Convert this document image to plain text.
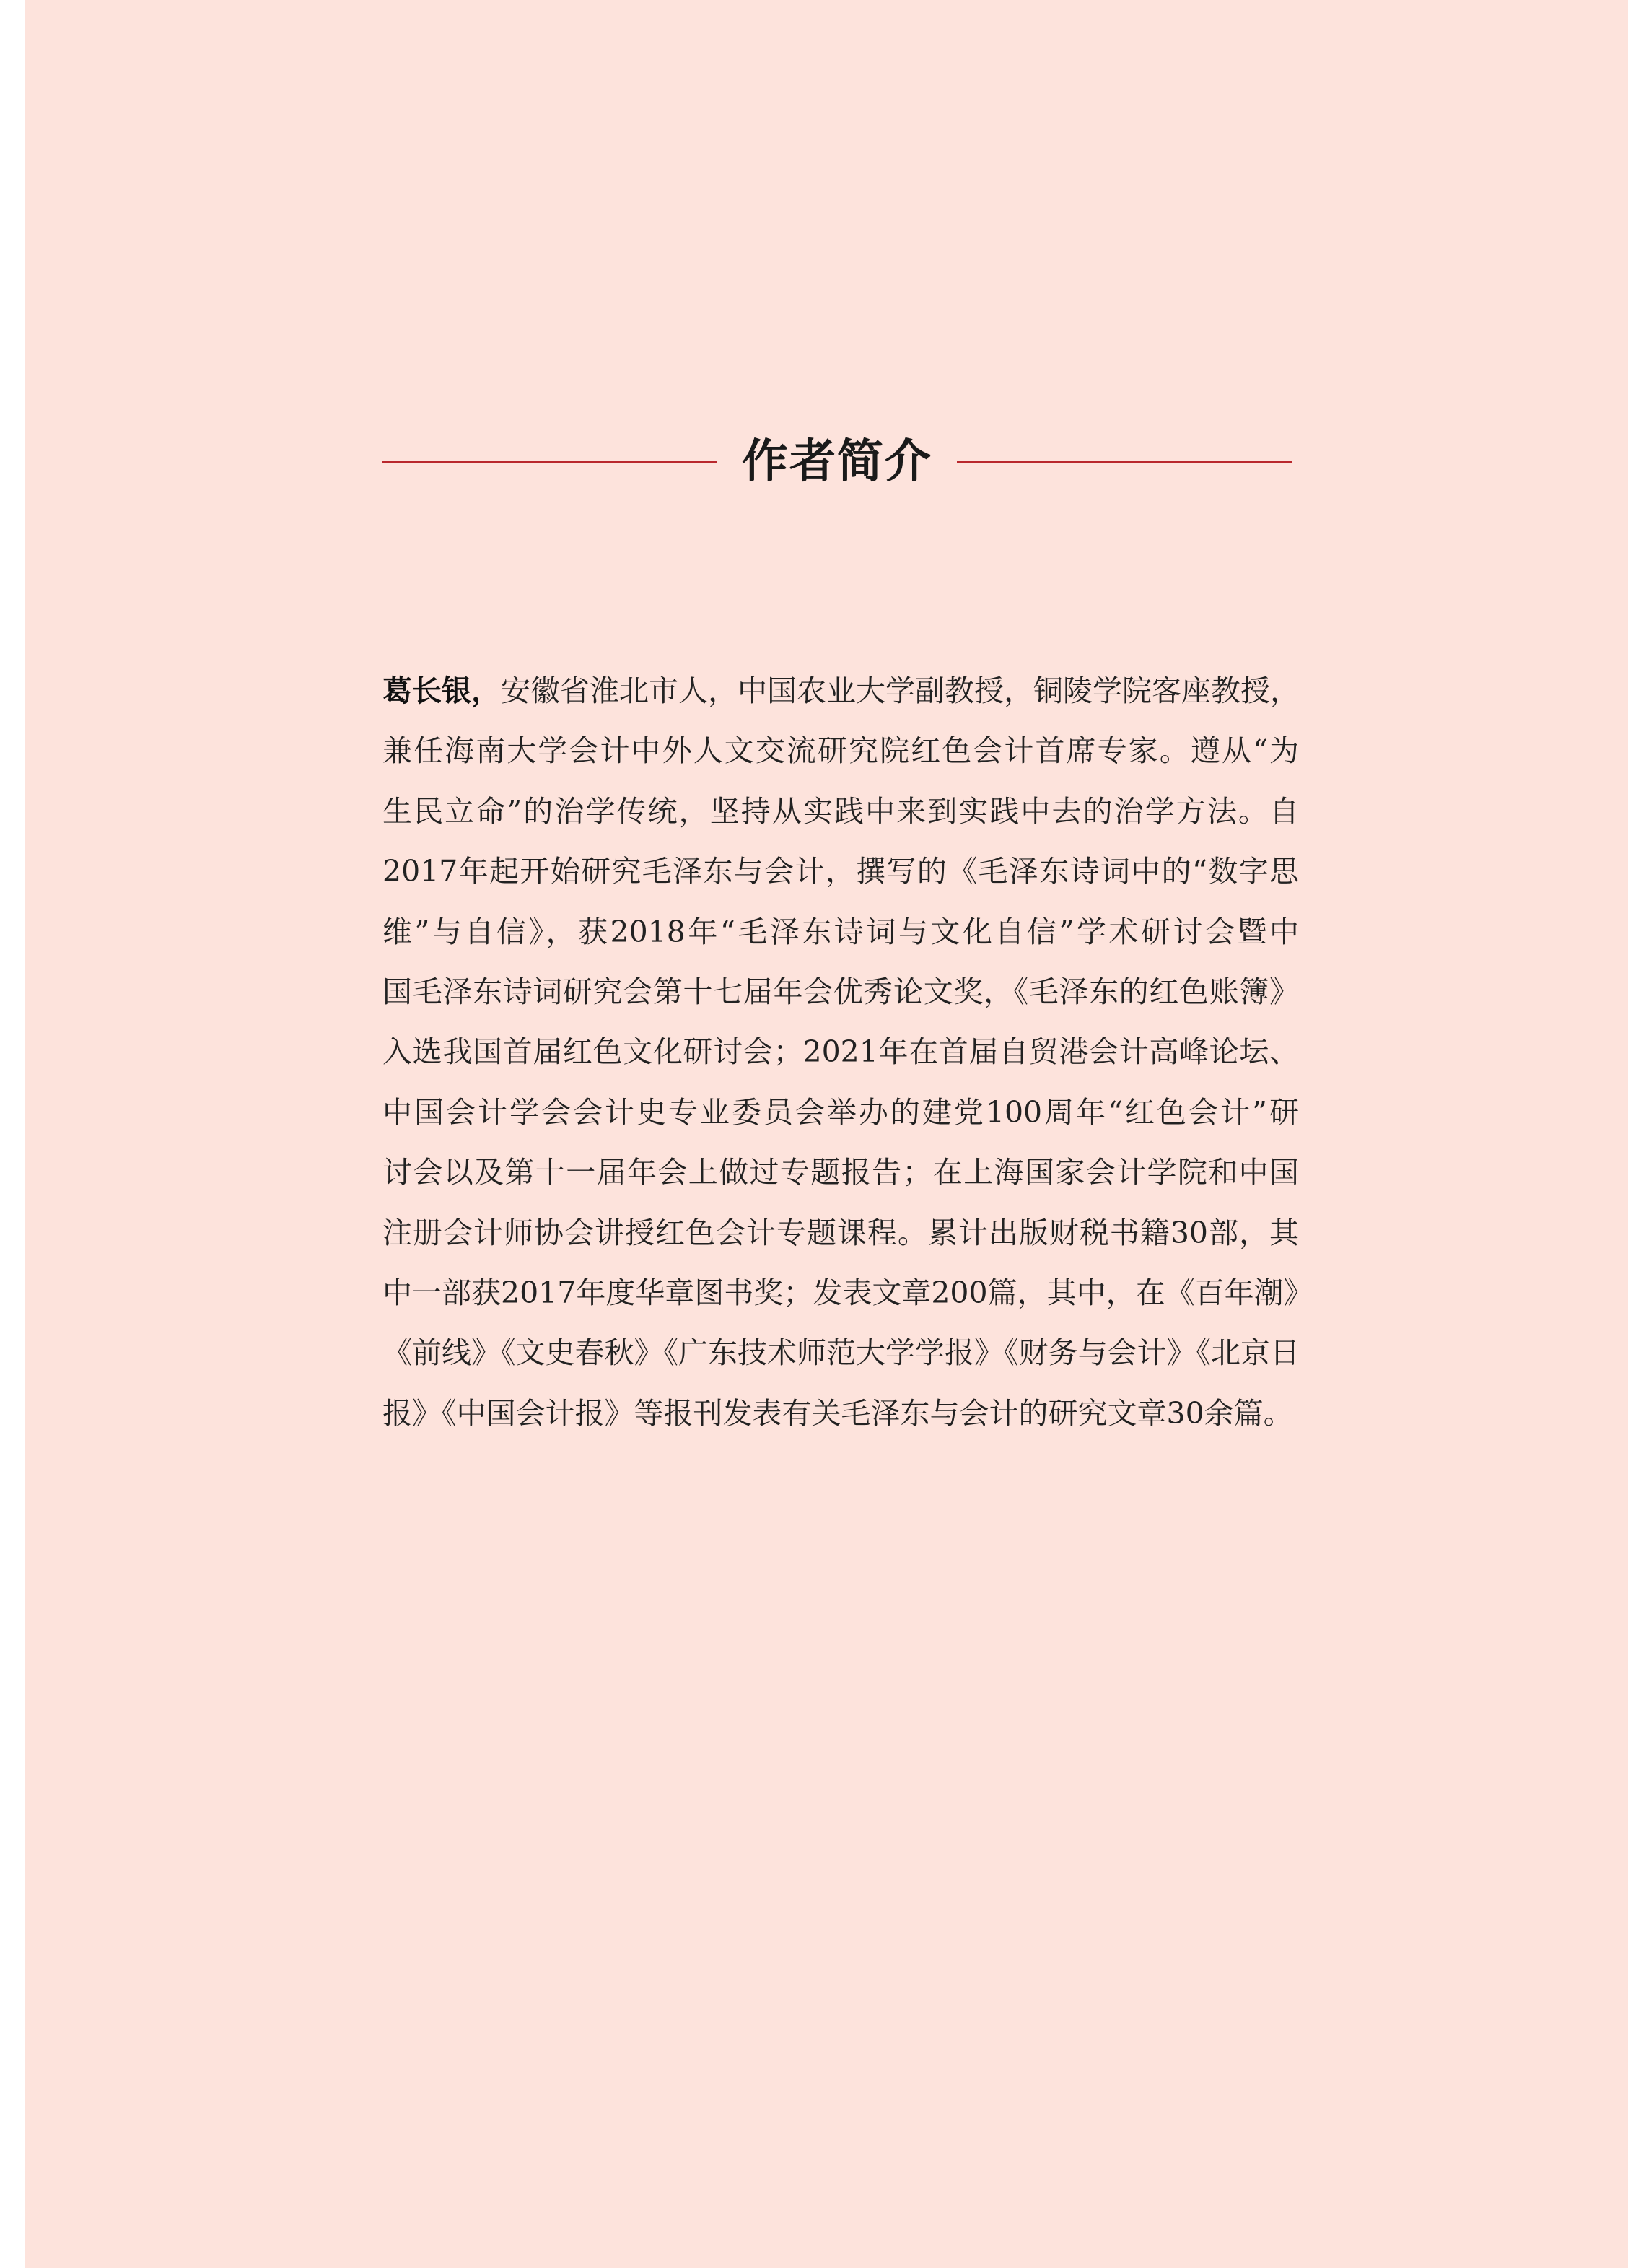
作者简介
葛长银，安徽省淮北市人，中国农业大学副教授，铜陵学院客座教授，
兼任海南大学会计中外人文交流研究院红色会计首席专家。遵从“为
生民立命”的治学传统，坚持从实践中来到实践中去的治学方法。自
2017年起开始研究毛泽东与会计，撰写的《毛泽东诗词中的“数字思
维”与自信》，获2018年“毛泽东诗词与文化自信”学术研讨会暨中
国毛泽东诗词研究会第十七届年会优秀论文奖，《毛泽东的红色账簿》
入选我国首届红色文化研讨会；2021年在首届自贸港会计高峰论坛、
中国会计学会会计史专业委员会举办的建党100周年“红色会计”研
讨会以及第十一届年会上做过专题报告；在上海国家会计学院和中国
注册会计师协会讲授红色会计专题课程。累计出版财税书籍30部，其
中一部获2017年度华章图书奖；发表文章200篇，其中，在《百年潮》
《前线》《文史春秋》《广东技术师范大学学报》《财务与会计》《北京日
报》《中国会计报》等报刊发表有关毛泽东与会计的研究文章30余篇。
